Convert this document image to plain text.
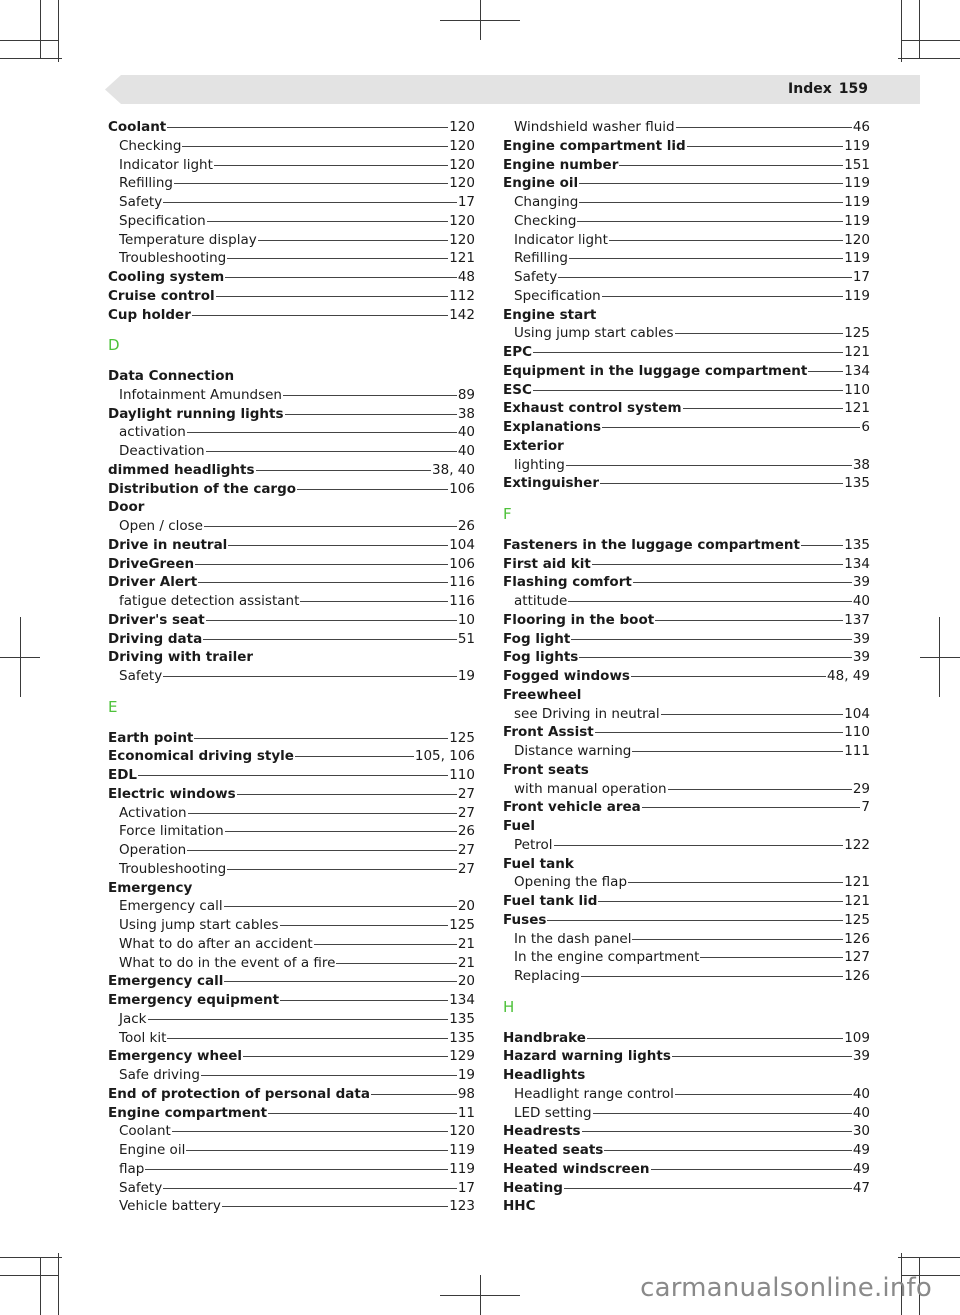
Index 159
Coolant	120
Checking	120
Indicator light	120
Refilling	120
Safety	17
Specification	120
Temperature display	120
Troubleshooting	121
Cooling system	48
Cruise control	112
Cup holder	142
D
Data Connection
Infotainment Amundsen	89
Daylight running lights	38
activation	40
Deactivation	40
dimmed headlights	38, 40
Distribution of the cargo	106
Door
Open / close	26
Drive in neutral	104
DriveGreen	106
Driver Alert	116
fatigue detection assistant	116
Driver's seat	10
Driving data	51
Driving with trailer
Safety	19
E
Earth point	125
Economical driving style	105, 106
EDL	110
Electric windows	27
Activation	27
Force limitation	26
Operation	27
Troubleshooting	27
Emergency
Emergency call	20
Using jump start cables	125
What to do after an accident	21
What to do in the event of a fire	21
Emergency call	20
Emergency equipment	134
Jack	135
Tool kit	135
Emergency wheel	129
Safe driving	19
End of protection of personal data	98
Engine compartment	11
Coolant	120
Engine oil	119
flap	119
Safety	17
Vehicle battery	123
Windshield washer fluid	46
Engine compartment lid	119
Engine number	151
Engine oil	119
Changing	119
Checking	119
Indicator light	120
Refilling	119
Safety	17
Specification	119
Engine start
Using jump start cables	125
EPC	121
Equipment in the luggage compartment	134
ESC	110
Exhaust control system	121
Explanations	6
Exterior
lighting	38
Extinguisher	135
F
Fasteners in the luggage compartment	135
First aid kit	134
Flashing comfort	39
attitude	40
Flooring in the boot	137
Fog light	39
Fog lights	39
Fogged windows	48, 49
Freewheel
see Driving in neutral	104
Front Assist	110
Distance warning	111
Front seats
with manual operation	29
Front vehicle area	7
Fuel
Petrol	122
Fuel tank
Opening the flap	121
Fuel tank lid	121
Fuses	125
In the dash panel	126
In the engine compartment	127
Replacing	126
H
Handbrake	109
Hazard warning lights	39
Headlights
Headlight range control	40
LED setting	40
Headrests	30
Heated seats	49
Heated windscreen	49
Heating	47
HHC
carmanualsonline.info
